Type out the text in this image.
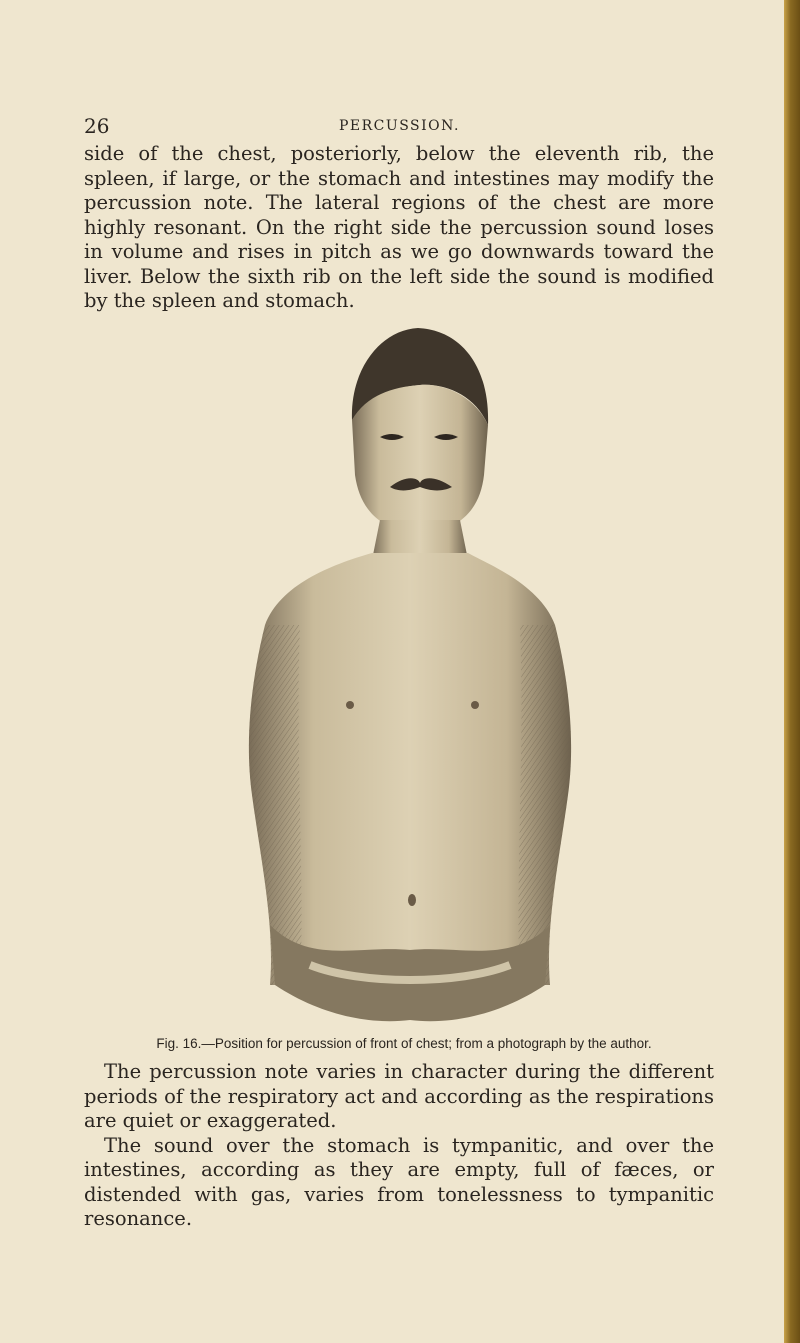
26	PERCUSSION.
side of the chest, posteriorly, below the eleventh rib, the spleen, if large, or the stomach and intestines may modify the percussion note. The lateral regions of the chest are more highly resonant. On the right side the percussion sound loses in volume and rises in pitch as we go downwards toward the liver. Below the sixth rib on the left side the sound is modified by the spleen and stomach.
Fig. 16.—Position for percussion of front of chest; from a photograph by the author.
The percussion note varies in character during the different periods of the respiratory act and according as the respirations are quiet or exaggerated.
The sound over the stomach is tympanitic, and over the intestines, according as they are empty, full of fæces, or distended with gas, varies from tonelessness to tympanitic resonance.
